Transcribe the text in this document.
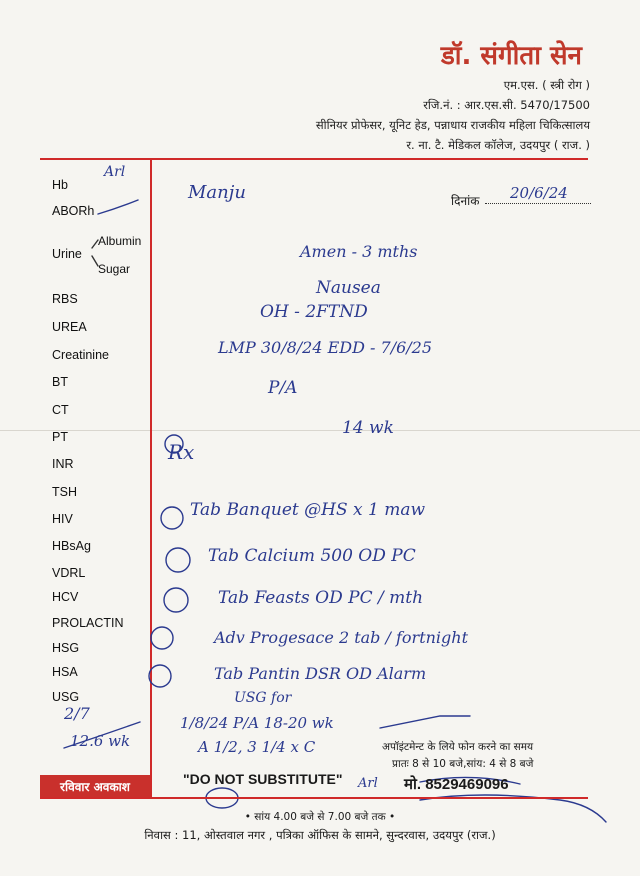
डॉ. संगीता सेन
एम.एस. ( स्त्री रोग )
रजि.नं. : आर.एस.सी. 5470/17500
सीनियर प्रोफेसर, यूनिट हेड, पन्नाधाय राजकीय महिला चिकित्सालय
र. ना. टै. मेडिकल कॉलेज, उदयपुर ( राज. )
दिनांक 20/6/24
Hb
ABORh
Urine
Albumin
Sugar
RBS
UREA
Creatinine
BT
CT
PT
INR
TSH
HIV
HBsAg
VDRL
HCV
PROLACTIN
HSG
HSA
USG
Manju
Amen - 3 mths
Nausea
OH - 2FTND
LMP 30/8/24 EDD - 7/6/25
P/A
14 wk
Rx
Tab Banquet @HS x 1 maw
Tab Calcium 500 OD PC
Tab Feasts OD PC / mth
Adv Progesace 2 tab / fortnight
Tab Pantin DSR OD Alarm
USG for
1/8/24 P/A 18-20 wk
A 1/2, 3 1/4 x C
2/7
12.6 wk
Arl
Arl
रविवार अवकाश	"DO NOT SUBSTITUTE"
अपॉइंटमेन्ट के लिये फोन करने का समय
प्रातः 8 से 10 बजे,सांय: 4 से 8 बजे
मो. 8529469096
• सांय 4.00 बजे से 7.00 बजे तक •
निवास : 11, ओस्तवाल नगर , पत्रिका ऑफिस के सामने, सुन्दरवास, उदयपुर (राज.)
